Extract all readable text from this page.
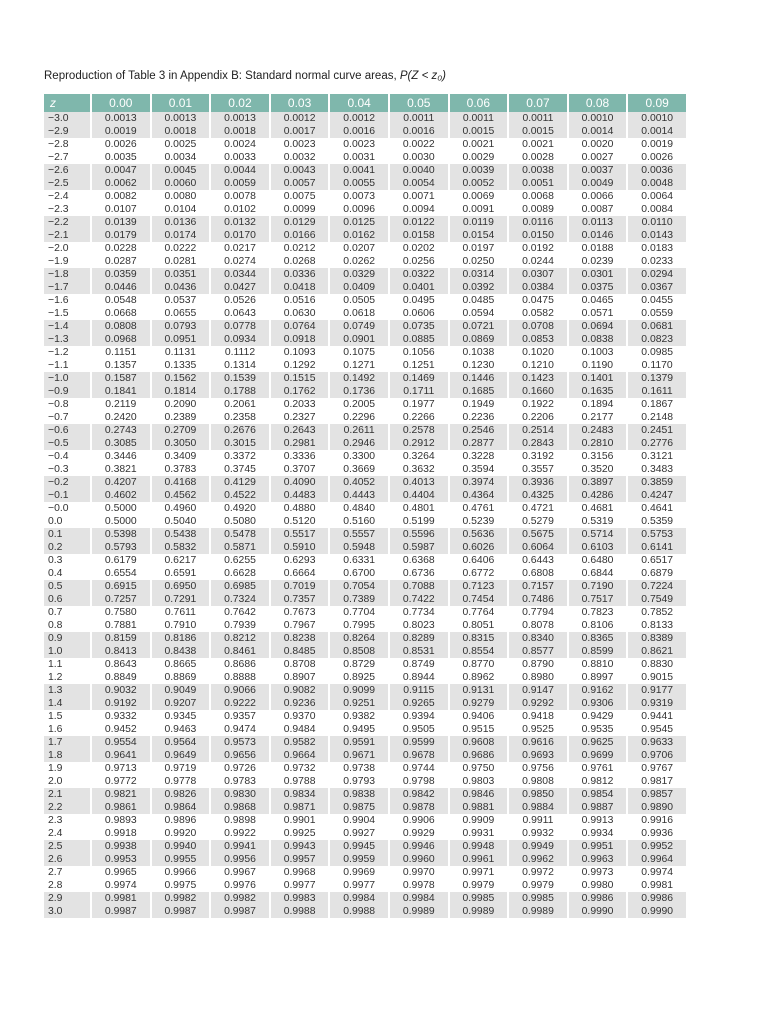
Reproduction of Table 3 in Appendix B: Standard normal curve areas, P(Z < z₀)
z	0.00	0.01	0.02	0.03	0.04	0.05	0.06	0.07	0.08	0.09
−3.0	0.0013	0.0013	0.0013	0.0012	0.0012	0.0011	0.0011	0.0011	0.0010	0.0010
−2.9	0.0019	0.0018	0.0018	0.0017	0.0016	0.0016	0.0015	0.0015	0.0014	0.0014
−2.8	0.0026	0.0025	0.0024	0.0023	0.0023	0.0022	0.0021	0.0021	0.0020	0.0019
−2.7	0.0035	0.0034	0.0033	0.0032	0.0031	0.0030	0.0029	0.0028	0.0027	0.0026
−2.6	0.0047	0.0045	0.0044	0.0043	0.0041	0.0040	0.0039	0.0038	0.0037	0.0036
−2.5	0.0062	0.0060	0.0059	0.0057	0.0055	0.0054	0.0052	0.0051	0.0049	0.0048
−2.4	0.0082	0.0080	0.0078	0.0075	0.0073	0.0071	0.0069	0.0068	0.0066	0.0064
−2.3	0.0107	0.0104	0.0102	0.0099	0.0096	0.0094	0.0091	0.0089	0.0087	0.0084
−2.2	0.0139	0.0136	0.0132	0.0129	0.0125	0.0122	0.0119	0.0116	0.0113	0.0110
−2.1	0.0179	0.0174	0.0170	0.0166	0.0162	0.0158	0.0154	0.0150	0.0146	0.0143
−2.0	0.0228	0.0222	0.0217	0.0212	0.0207	0.0202	0.0197	0.0192	0.0188	0.0183
−1.9	0.0287	0.0281	0.0274	0.0268	0.0262	0.0256	0.0250	0.0244	0.0239	0.0233
−1.8	0.0359	0.0351	0.0344	0.0336	0.0329	0.0322	0.0314	0.0307	0.0301	0.0294
−1.7	0.0446	0.0436	0.0427	0.0418	0.0409	0.0401	0.0392	0.0384	0.0375	0.0367
−1.6	0.0548	0.0537	0.0526	0.0516	0.0505	0.0495	0.0485	0.0475	0.0465	0.0455
−1.5	0.0668	0.0655	0.0643	0.0630	0.0618	0.0606	0.0594	0.0582	0.0571	0.0559
−1.4	0.0808	0.0793	0.0778	0.0764	0.0749	0.0735	0.0721	0.0708	0.0694	0.0681
−1.3	0.0968	0.0951	0.0934	0.0918	0.0901	0.0885	0.0869	0.0853	0.0838	0.0823
−1.2	0.1151	0.1131	0.1112	0.1093	0.1075	0.1056	0.1038	0.1020	0.1003	0.0985
−1.1	0.1357	0.1335	0.1314	0.1292	0.1271	0.1251	0.1230	0.1210	0.1190	0.1170
−1.0	0.1587	0.1562	0.1539	0.1515	0.1492	0.1469	0.1446	0.1423	0.1401	0.1379
−0.9	0.1841	0.1814	0.1788	0.1762	0.1736	0.1711	0.1685	0.1660	0.1635	0.1611
−0.8	0.2119	0.2090	0.2061	0.2033	0.2005	0.1977	0.1949	0.1922	0.1894	0.1867
−0.7	0.2420	0.2389	0.2358	0.2327	0.2296	0.2266	0.2236	0.2206	0.2177	0.2148
−0.6	0.2743	0.2709	0.2676	0.2643	0.2611	0.2578	0.2546	0.2514	0.2483	0.2451
−0.5	0.3085	0.3050	0.3015	0.2981	0.2946	0.2912	0.2877	0.2843	0.2810	0.2776
−0.4	0.3446	0.3409	0.3372	0.3336	0.3300	0.3264	0.3228	0.3192	0.3156	0.3121
−0.3	0.3821	0.3783	0.3745	0.3707	0.3669	0.3632	0.3594	0.3557	0.3520	0.3483
−0.2	0.4207	0.4168	0.4129	0.4090	0.4052	0.4013	0.3974	0.3936	0.3897	0.3859
−0.1	0.4602	0.4562	0.4522	0.4483	0.4443	0.4404	0.4364	0.4325	0.4286	0.4247
−0.0	0.5000	0.4960	0.4920	0.4880	0.4840	0.4801	0.4761	0.4721	0.4681	0.4641
0.0	0.5000	0.5040	0.5080	0.5120	0.5160	0.5199	0.5239	0.5279	0.5319	0.5359
0.1	0.5398	0.5438	0.5478	0.5517	0.5557	0.5596	0.5636	0.5675	0.5714	0.5753
0.2	0.5793	0.5832	0.5871	0.5910	0.5948	0.5987	0.6026	0.6064	0.6103	0.6141
0.3	0.6179	0.6217	0.6255	0.6293	0.6331	0.6368	0.6406	0.6443	0.6480	0.6517
0.4	0.6554	0.6591	0.6628	0.6664	0.6700	0.6736	0.6772	0.6808	0.6844	0.6879
0.5	0.6915	0.6950	0.6985	0.7019	0.7054	0.7088	0.7123	0.7157	0.7190	0.7224
0.6	0.7257	0.7291	0.7324	0.7357	0.7389	0.7422	0.7454	0.7486	0.7517	0.7549
0.7	0.7580	0.7611	0.7642	0.7673	0.7704	0.7734	0.7764	0.7794	0.7823	0.7852
0.8	0.7881	0.7910	0.7939	0.7967	0.7995	0.8023	0.8051	0.8078	0.8106	0.8133
0.9	0.8159	0.8186	0.8212	0.8238	0.8264	0.8289	0.8315	0.8340	0.8365	0.8389
1.0	0.8413	0.8438	0.8461	0.8485	0.8508	0.8531	0.8554	0.8577	0.8599	0.8621
1.1	0.8643	0.8665	0.8686	0.8708	0.8729	0.8749	0.8770	0.8790	0.8810	0.8830
1.2	0.8849	0.8869	0.8888	0.8907	0.8925	0.8944	0.8962	0.8980	0.8997	0.9015
1.3	0.9032	0.9049	0.9066	0.9082	0.9099	0.9115	0.9131	0.9147	0.9162	0.9177
1.4	0.9192	0.9207	0.9222	0.9236	0.9251	0.9265	0.9279	0.9292	0.9306	0.9319
1.5	0.9332	0.9345	0.9357	0.9370	0.9382	0.9394	0.9406	0.9418	0.9429	0.9441
1.6	0.9452	0.9463	0.9474	0.9484	0.9495	0.9505	0.9515	0.9525	0.9535	0.9545
1.7	0.9554	0.9564	0.9573	0.9582	0.9591	0.9599	0.9608	0.9616	0.9625	0.9633
1.8	0.9641	0.9649	0.9656	0.9664	0.9671	0.9678	0.9686	0.9693	0.9699	0.9706
1.9	0.9713	0.9719	0.9726	0.9732	0.9738	0.9744	0.9750	0.9756	0.9761	0.9767
2.0	0.9772	0.9778	0.9783	0.9788	0.9793	0.9798	0.9803	0.9808	0.9812	0.9817
2.1	0.9821	0.9826	0.9830	0.9834	0.9838	0.9842	0.9846	0.9850	0.9854	0.9857
2.2	0.9861	0.9864	0.9868	0.9871	0.9875	0.9878	0.9881	0.9884	0.9887	0.9890
2.3	0.9893	0.9896	0.9898	0.9901	0.9904	0.9906	0.9909	0.9911	0.9913	0.9916
2.4	0.9918	0.9920	0.9922	0.9925	0.9927	0.9929	0.9931	0.9932	0.9934	0.9936
2.5	0.9938	0.9940	0.9941	0.9943	0.9945	0.9946	0.9948	0.9949	0.9951	0.9952
2.6	0.9953	0.9955	0.9956	0.9957	0.9959	0.9960	0.9961	0.9962	0.9963	0.9964
2.7	0.9965	0.9966	0.9967	0.9968	0.9969	0.9970	0.9971	0.9972	0.9973	0.9974
2.8	0.9974	0.9975	0.9976	0.9977	0.9977	0.9978	0.9979	0.9979	0.9980	0.9981
2.9	0.9981	0.9982	0.9982	0.9983	0.9984	0.9984	0.9985	0.9985	0.9986	0.9986
3.0	0.9987	0.9987	0.9987	0.9988	0.9988	0.9989	0.9989	0.9989	0.9990	0.9990
